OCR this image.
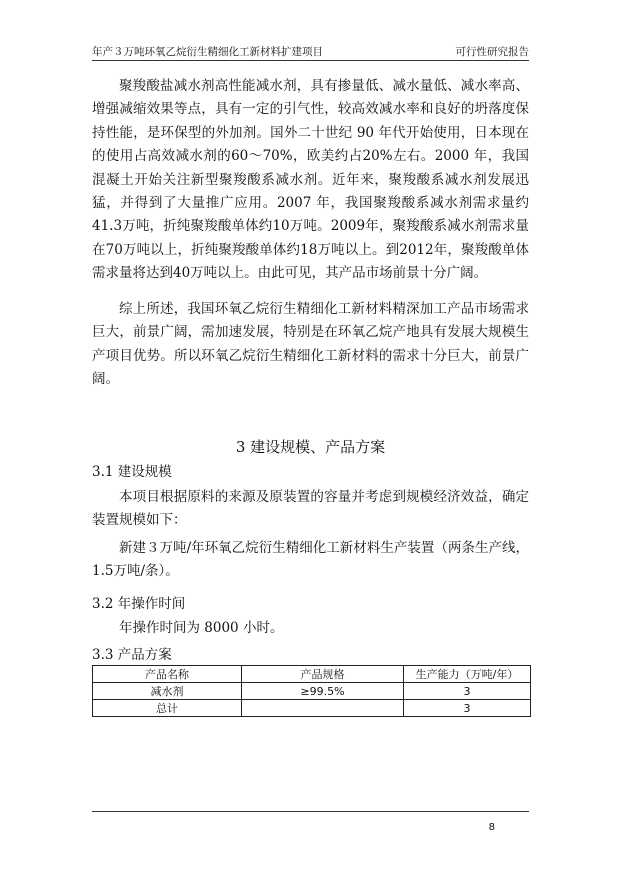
年产３万吨环氧乙烷衍生精细化工新材料扩建项目	可行性研究报告

聚羧酸盐减水剂高性能减水剂，具有掺量低、减水量低、减水率高、增强减缩效果等点，具有一定的引气性，较高效减水率和良好的坍落度保持性能，是环保型的外加剂。国外二十世纪 90 年代开始使用，日本现在的使用占高效减水剂的60～70%，欧美约占20%左右。2000 年，我国混凝土开始关注新型聚羧酸系减水剂。近年来，聚羧酸系减水剂发展迅猛，并得到了大量推广应用。2007 年，我国聚羧酸系减水剂需求量约41.3万吨，折纯聚羧酸单体约10万吨。2009年，聚羧酸系减水剂需求量在70万吨以上，折纯聚羧酸单体约18万吨以上。到2012年，聚羧酸单体需求量将达到40万吨以上。由此可见，其产品市场前景十分广阔。

综上所述，我国环氧乙烷衍生精细化工新材料精深加工产品市场需求巨大，前景广阔，需加速发展，特别是在环氧乙烷产地具有发展大规模生产项目优势。所以环氧乙烷衍生精细化工新材料的需求十分巨大，前景广阔。

3 建设规模、产品方案
3.1 建设规模

本项目根据原料的来源及原装置的容量并考虑到规模经济效益，确定装置规模如下：

新建３万吨/年环氧乙烷衍生精细化工新材料生产装置（两条生产线，1.5万吨/条）。

3.2 年操作时间

年操作时间为 8000 小时。

3.3 产品方案
产品名称	产品规格	生产能力（万吨/年）
减水剂	≥99.5%	3
总计		3
8
